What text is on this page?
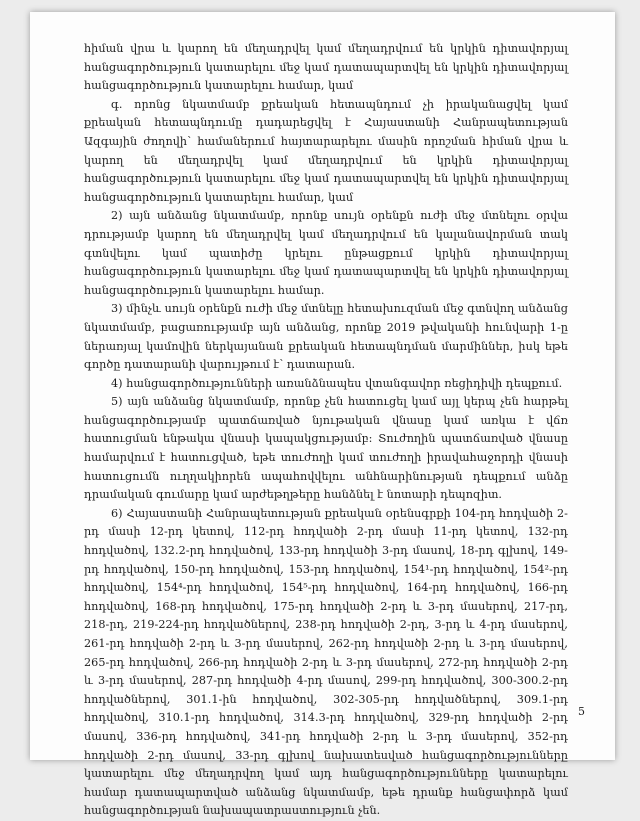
հիման վրա և կարող են մեղադրվել կամ մեղադրվում են կրկին դիտավորյալ հանցագործություն կատարելու մեջ կամ դատապարտվել են կրկին դիտավորյալ հանցագործություն կատարելու համար, կամ

գ. որոնց նկատմամբ քրեական հետապնդում չի իրականացվել կամ քրեական հետապնդումը դադարեցվել է Հայաստանի Հանրապետության Ազգային ժողովի՝ համաներում հայտարարելու մասին որոշման հիման վրա և կարող են մեղադրվել կամ մեղադրվում են կրկին դիտավորյալ հանցագործություն կատարելու մեջ կամ դատապարտվել են կրկին դիտավորյալ հանցագործություն կատարելու համար, կամ

2) այն անձանց նկատմամբ, որոնք սույն օրենքն ուժի մեջ մտնելու օրվա դրությամբ կարող են մեղադրվել կամ մեղադրվում են կալանավորման տակ գտնվելու կամ պատիժը կրելու ընթացքում կրկին դիտավորյալ հանցագործություն կատարելու մեջ կամ դատապարտվել են կրկին դիտավորյալ հանցագործություն կատարելու համար.

3) մինչև սույն օրենքն ուժի մեջ մտնելը հետախուզման մեջ գտնվող անձանց նկատմամբ, բացառությամբ այն անձանց, որոնք 2019 թվականի հունվարի 1-ը ներառյալ կամովին ներկայանան քրեական հետապնդման մարմիններ, իսկ եթե գործը դատարանի վարույթում է՝ դատարան.

4) հանցագործությունների առանձնապես վտանգավոր ռեցիդիվի դեպքում.

5) այն անձանց նկատմամբ, որոնք չեն հատուցել կամ այլ կերպ չեն հարթել հանցագործությամբ պատճառված նյութական վնասը կամ առկա է վճռ հատուցման ենթակա վնասի կապակցությամբ: Տուժողին պատճառված վնասը համարվում է հատուցված, եթե տուժողի կամ տուժողի իրավահաջորդի վնասի հատուցումն ուղղակիորեն ապահովվելու անհնարինության դեպքում անձը դրամական գումարը կամ արժեթղթերը հանձնել է նոտարի դեպոզիտ.

6) Հայաստանի Հանրապետության քրեական օրենսգրքի 104-րդ հոդվածի 2-րդ մասի 12-րդ կետով, 112-րդ հոդվածի 2-րդ մասի 11-րդ կետով, 132-րդ հոդվածով, 132.2-րդ հոդվածով, 133-րդ հոդվածի 3-րդ մասով, 18-րդ գլխով, 149-րդ հոդվածով, 150-րդ հոդվածով, 153-րդ հոդվածով, 154¹-րդ հոդվածով, 154²-րդ հոդվածով, 154⁴-րդ հոդվածով, 154⁵-րդ հոդվածով, 164-րդ հոդվածով, 166-րդ հոդվածով, 168-րդ հոդվածով, 175-րդ հոդվածի 2-րդ և 3-րդ մասերով, 217-րդ, 218-րդ, 219-224-րդ հոդվածներով, 238-րդ հոդվածի 2-րդ, 3-րդ և 4-րդ մասերով, 261-րդ հոդվածի 2-րդ և 3-րդ մասերով, 262-րդ հոդվածի 2-րդ և 3-րդ մասերով, 265-րդ հոդվածով, 266-րդ հոդվածի 2-րդ և 3-րդ մասերով, 272-րդ հոդվածի 2-րդ և 3-րդ մասերով, 287-րդ հոդվածի 4-րդ մասով, 299-րդ հոդվածով, 300-300.2-րդ հոդվածներով, 301.1-ին հոդվածով, 302-305-րդ հոդվածներով, 309.1-րդ հոդվածով, 310.1-րդ հոդվածով, 314.3-րդ հոդվածով, 329-րդ հոդվածի 2-րդ մասով, 336-րդ հոդվածով, 341-րդ հոդվածի 2-րդ և 3-րդ մասերով, 352-րդ հոդվածի 2-րդ մասով, 33-րդ գլխով նախատեսված հանցագործությունները կատարելու մեջ մեղադրվող կամ այդ հանցագործությունները կատարելու համար դատապարտված անձանց նկատմամբ, եթե դրանք հանցափորձ կամ հանցագործության նախապատրաստություն չեն.

5
